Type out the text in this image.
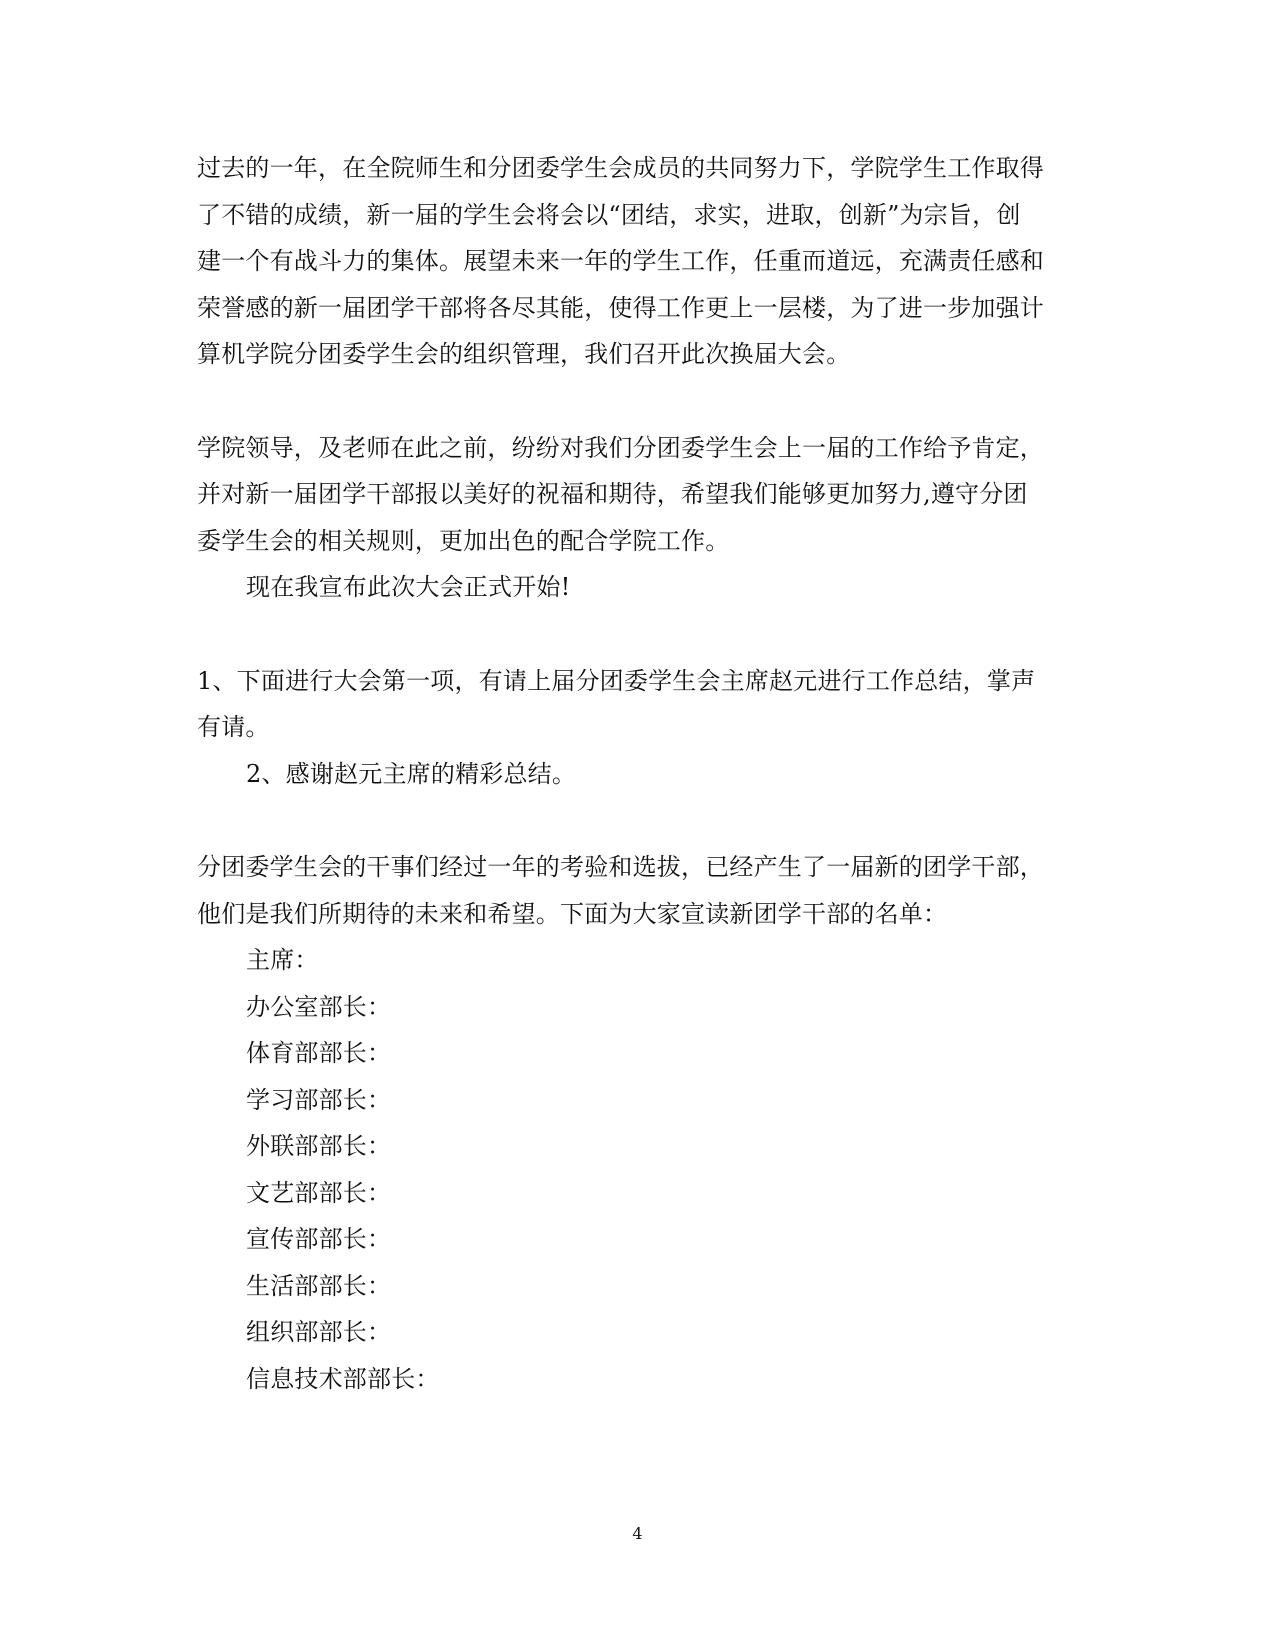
过去的一年，在全院师生和分团委学生会成员的共同努力下，学院学生工作取得
了不错的成绩，新一届的学生会将会以“团结，求实，进取，创新”为宗旨，创
建一个有战斗力的集体。展望未来一年的学生工作，任重而道远，充满责任感和
荣誉感的新一届团学干部将各尽其能，使得工作更上一层楼，为了进一步加强计
算机学院分团委学生会的组织管理，我们召开此次换届大会。
学院领导，及老师在此之前，纷纷对我们分团委学生会上一届的工作给予肯定，
并对新一届团学干部报以美好的祝福和期待，希望我们能够更加努力,遵守分团
委学生会的相关规则，更加出色的配合学院工作。
现在我宣布此次大会正式开始!
1、下面进行大会第一项，有请上届分团委学生会主席赵元进行工作总结，掌声
有请。
2、感谢赵元主席的精彩总结。
分团委学生会的干事们经过一年的考验和选拔，已经产生了一届新的团学干部，
他们是我们所期待的未来和希望。下面为大家宣读新团学干部的名单：
主席：
办公室部长：
体育部部长：
学习部部长：
外联部部长：
文艺部部长：
宣传部部长：
生活部部长：
组织部部长：
信息技术部部长：
4
